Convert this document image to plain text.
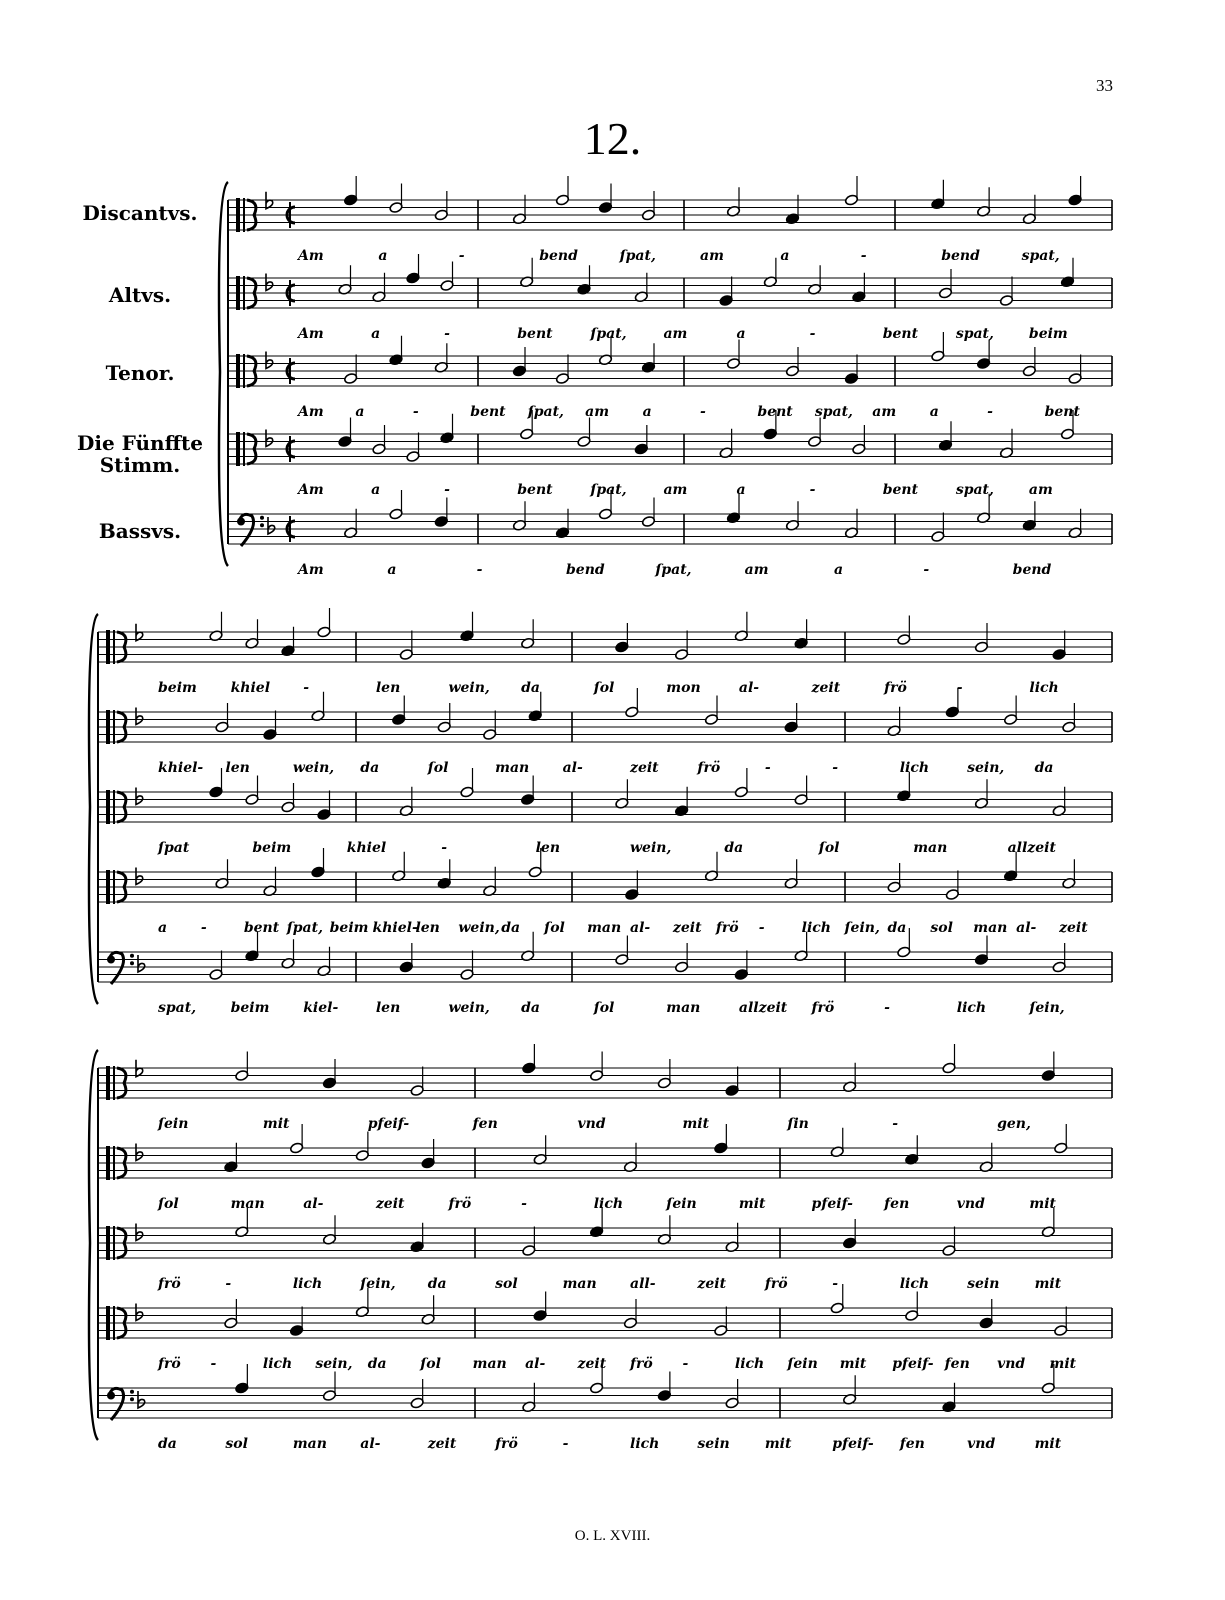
33
12.
Discantvs.
Altvs.
Tenor.
Die Fünffte Stimm.
Bassvs.
Am	a	-	bend	ſpat,	am	a	-	bend	spat,
Am	a	-	bent	ſpat,	am	a	-	bent	spat, beim
Am a	-	bent ſpat, am a	-	bent spat, am a	-	bent
Am	a	-	bent	ſpat,	am	a	-	bent	spat, am
Am	a	-	bend	ſpat,	am	a	-	bend
beim khiel -	len	wein, da	ſol	mon	al-	zeit	frö	-	lich
khiel- len	wein, da	ſol	man al-	zeit	frö	-	-	lich	sein, da
ſpat	beim	khiel	-	len	wein,	da	ſol	man	allzeit
a -	bent ſpat, beim khiel-
len wein, da ſol man al- zeit frö -	lich ſein, da sol man al- zeit
spat, beim kiel-	len	wein, da	ſol	man	allzeit frö	-	lich	ſein,
ſein	mit	pfeif-	fen	vnd	mit	ſin	-	gen,
ſol	man	al-	zeit	frö	-	lich	ſein	mit	pfeif- fen	vnd	mit
frö	-	lich	ſein, da	sol	man all-	zeit	frö	-	lich	sein	mit
frö -	lich sein, da ſol man al- zeit frö -	lich ſein mit pfeif- fen vnd mit
da	sol	man al-	zeit	frö	-	lich	sein	mit	pfeif- fen	vnd	mit
O. L. XVIII.
